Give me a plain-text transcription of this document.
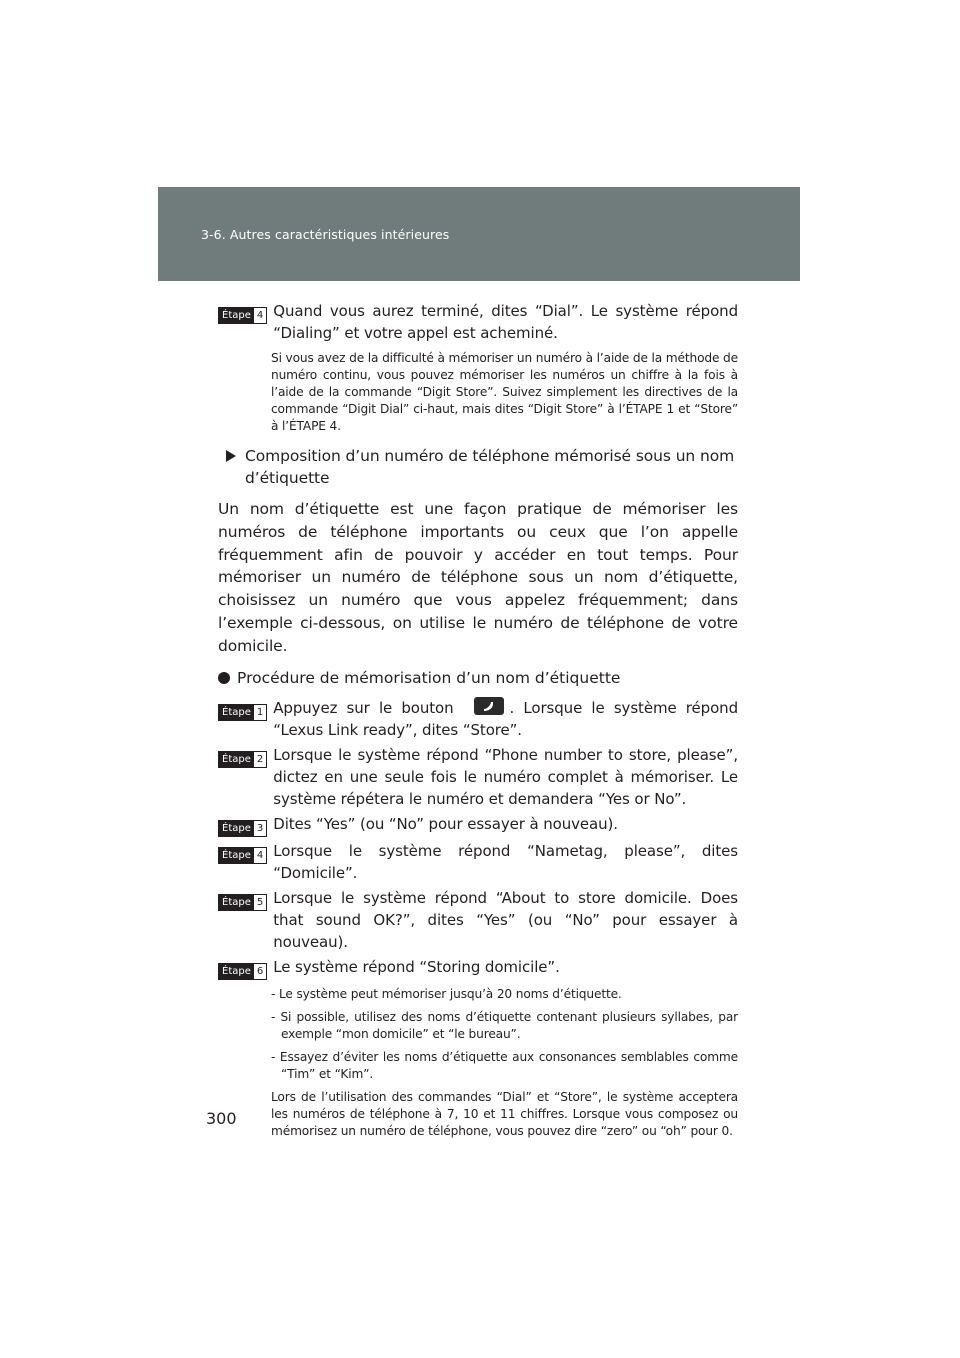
3-6. Autres caractéristiques intérieures
Étape 4 Quand vous aurez terminé, dites “Dial”. Le système répond “Dialing” et votre appel est acheminé.
Si vous avez de la difficulté à mémoriser un numéro à l’aide de la méthode de numéro continu, vous pouvez mémoriser les numéros un chiffre à la fois à l’aide de la commande “Digit Store”. Suivez simplement les directives de la commande “Digit Dial” ci-haut, mais dites “Digit Store” à l’ÉTAPE 1 et “Store” à l’ÉTAPE 4.
Composition d’un numéro de téléphone mémorisé sous un nom d’étiquette
Un nom d’étiquette est une façon pratique de mémoriser les numéros de téléphone importants ou ceux que l’on appelle fréquemment afin de pouvoir y accéder en tout temps. Pour mémoriser un numéro de téléphone sous un nom d’étiquette, choisissez un numéro que vous appelez fréquemment; dans l’exemple ci-dessous, on utilise le numéro de téléphone de votre domicile.
Procédure de mémorisation d’un nom d’étiquette
Étape 1 Appuyez sur le bouton	. Lorsque le système répond “Lexus Link ready”, dites “Store”.
Étape 2 Lorsque le système répond “Phone number to store, please”, dictez en une seule fois le numéro complet à mémoriser. Le système répétera le numéro et demandera “Yes or No”.
Étape 3 Dites “Yes” (ou “No” pour essayer à nouveau).
Étape 4 Lorsque le système répond “Nametag, please”, dites “Domicile”.
Étape 5 Lorsque le système répond “About to store domicile. Does that sound OK?”, dites “Yes” (ou “No” pour essayer à nouveau).
Étape 6 Le système répond “Storing domicile”.
- Le système peut mémoriser jusqu’à 20 noms d’étiquette.
- Si possible, utilisez des noms d’étiquette contenant plusieurs syllabes, par exemple “mon domicile” et “le bureau”.
- Essayez d’éviter les noms d’étiquette aux consonances semblables comme “Tim” et “Kim”.
Lors de l’utilisation des commandes “Dial” et “Store”, le système acceptera les numéros de téléphone à 7, 10 et 11 chiffres. Lorsque vous composez ou mémorisez un numéro de téléphone, vous pouvez dire “zero” ou “oh” pour 0.
300
